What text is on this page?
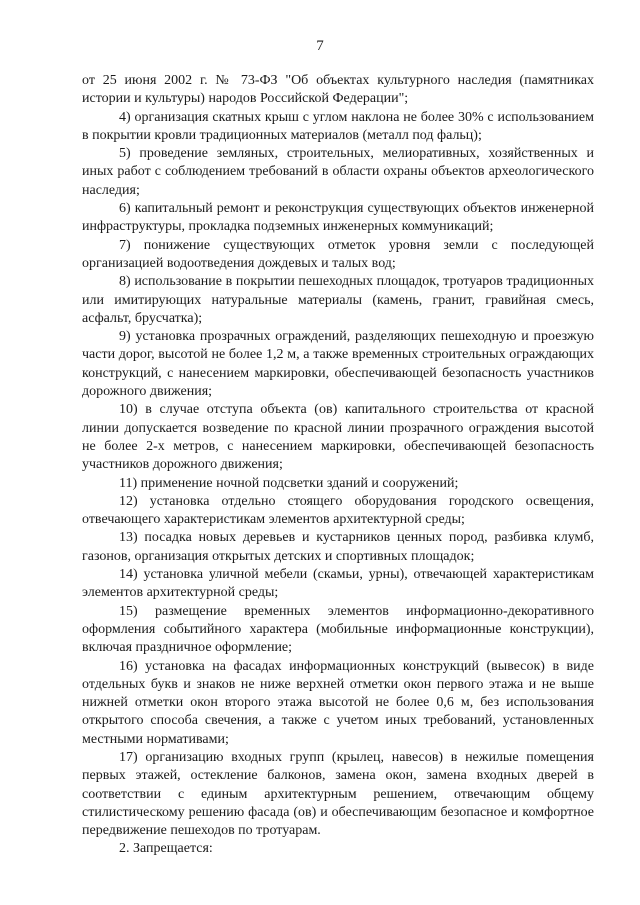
7

от 25 июня 2002 г. № 73-ФЗ "Об объектах культурного наследия (памятниках истории и культуры) народов Российской Федерации";

4) организация скатных крыш с углом наклона не более 30% с использованием в покрытии кровли традиционных материалов (металл под фальц);

5) проведение земляных, строительных, мелиоративных, хозяйственных и иных работ с соблюдением требований в области охраны объектов археологического наследия;

6) капитальный ремонт и реконструкция существующих объектов инженерной инфраструктуры, прокладка подземных инженерных коммуникаций;

7) понижение существующих отметок уровня земли с последующей организацией водоотведения дождевых и талых вод;

8) использование в покрытии пешеходных площадок, тротуаров традиционных или имитирующих натуральные материалы (камень, гранит, гравийная смесь, асфальт, брусчатка);

9) установка прозрачных ограждений, разделяющих пешеходную и проезжую части дорог, высотой не более 1,2 м, а также временных строительных ограждающих конструкций, с нанесением маркировки, обеспечивающей безопасность участников дорожного движения;

10) в случае отступа объекта (ов) капитального строительства от красной линии допускается возведение по красной линии прозрачного ограждения высотой не более 2-х метров, с нанесением маркировки, обеспечивающей безопасность участников дорожного движения;

11) применение ночной подсветки зданий и сооружений;

12) установка отдельно стоящего оборудования городского освещения, отвечающего характеристикам элементов архитектурной среды;

13) посадка новых деревьев и кустарников ценных пород, разбивка клумб, газонов, организация открытых детских и спортивных площадок;

14) установка уличной мебели (скамьи, урны), отвечающей характеристикам элементов архитектурной среды;

15) размещение временных элементов информационно-декоративного оформления событийного характера (мобильные информационные конструкции), включая праздничное оформление;

16) установка на фасадах информационных конструкций (вывесок) в виде отдельных букв и знаков не ниже верхней отметки окон первого этажа и не выше нижней отметки окон второго этажа высотой не более 0,6 м, без использования открытого способа свечения, а также с учетом иных требований, установленных местными нормативами;

17) организацию входных групп (крылец, навесов) в нежилые помещения первых этажей, остекление балконов, замена окон, замена входных дверей в соответствии с единым архитектурным решением, отвечающим общему стилистическому решению фасада (ов) и обеспечивающим безопасное и комфортное передвижение пешеходов по тротуарам.

2. Запрещается:
